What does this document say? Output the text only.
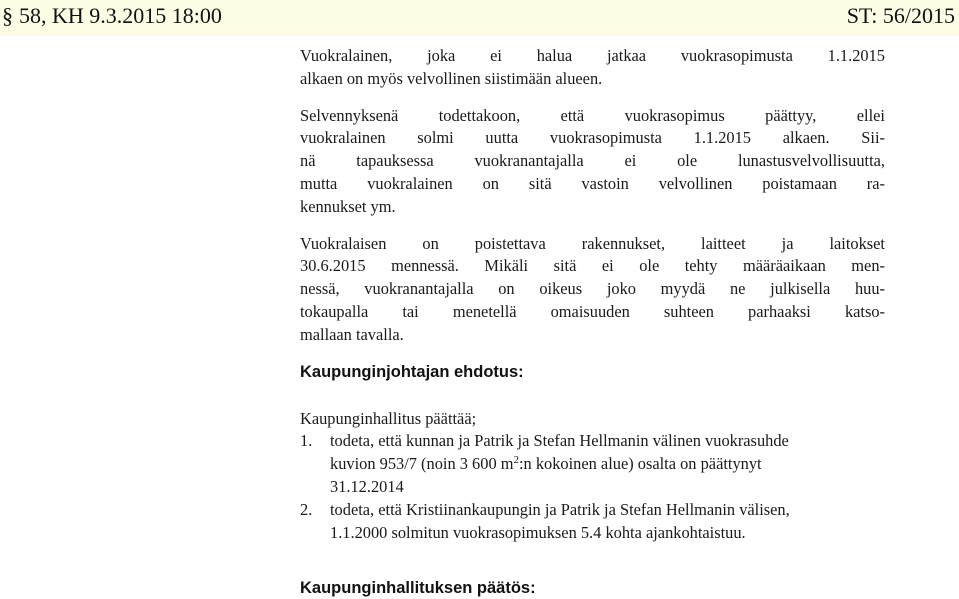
§ 58, KH 9.3.2015 18:00	ST: 56/2015
Vuokralainen, joka ei halua jatkaa vuokrasopimusta 1.1.2015
alkaen on myös velvollinen siistimään alueen.
Selvennyksenä todettakoon, että vuokrasopimus päättyy, ellei
vuokralainen solmi uutta vuokrasopimusta 1.1.2015 alkaen. Sii-
nä tapauksessa vuokranantajalla ei ole lunastusvelvollisuutta,
mutta vuokralainen on sitä vastoin velvollinen poistamaan ra-
kennukset ym.
Vuokralaisen on poistettava rakennukset, laitteet ja laitokset
30.6.2015 mennessä. Mikäli sitä ei ole tehty määräaikaan men-
nessä, vuokranantajalla on oikeus joko myydä ne julkisella huu-
tokaupalla tai menetellä omaisuuden suhteen parhaaksi katso-
mallaan tavalla.
Kaupunginjohtajan ehdotus:
Kaupunginhallitus päättää;
1. todeta, että kunnan ja Patrik ja Stefan Hellmanin välinen vuokrasuhde
kuvion 953/7 (noin 3 600 $m^2:n$ kokoinen alue) osalta on päättynyt
31.12.2014
2. todeta, että Kristiinankaupungin ja Patrik ja Stefan Hellmanin välisen,
1.1.2000 solmitun vuokrasopimuksen 5.4 kohta ajankohtaistuu.
Kaupunginhallituksen päätös:
